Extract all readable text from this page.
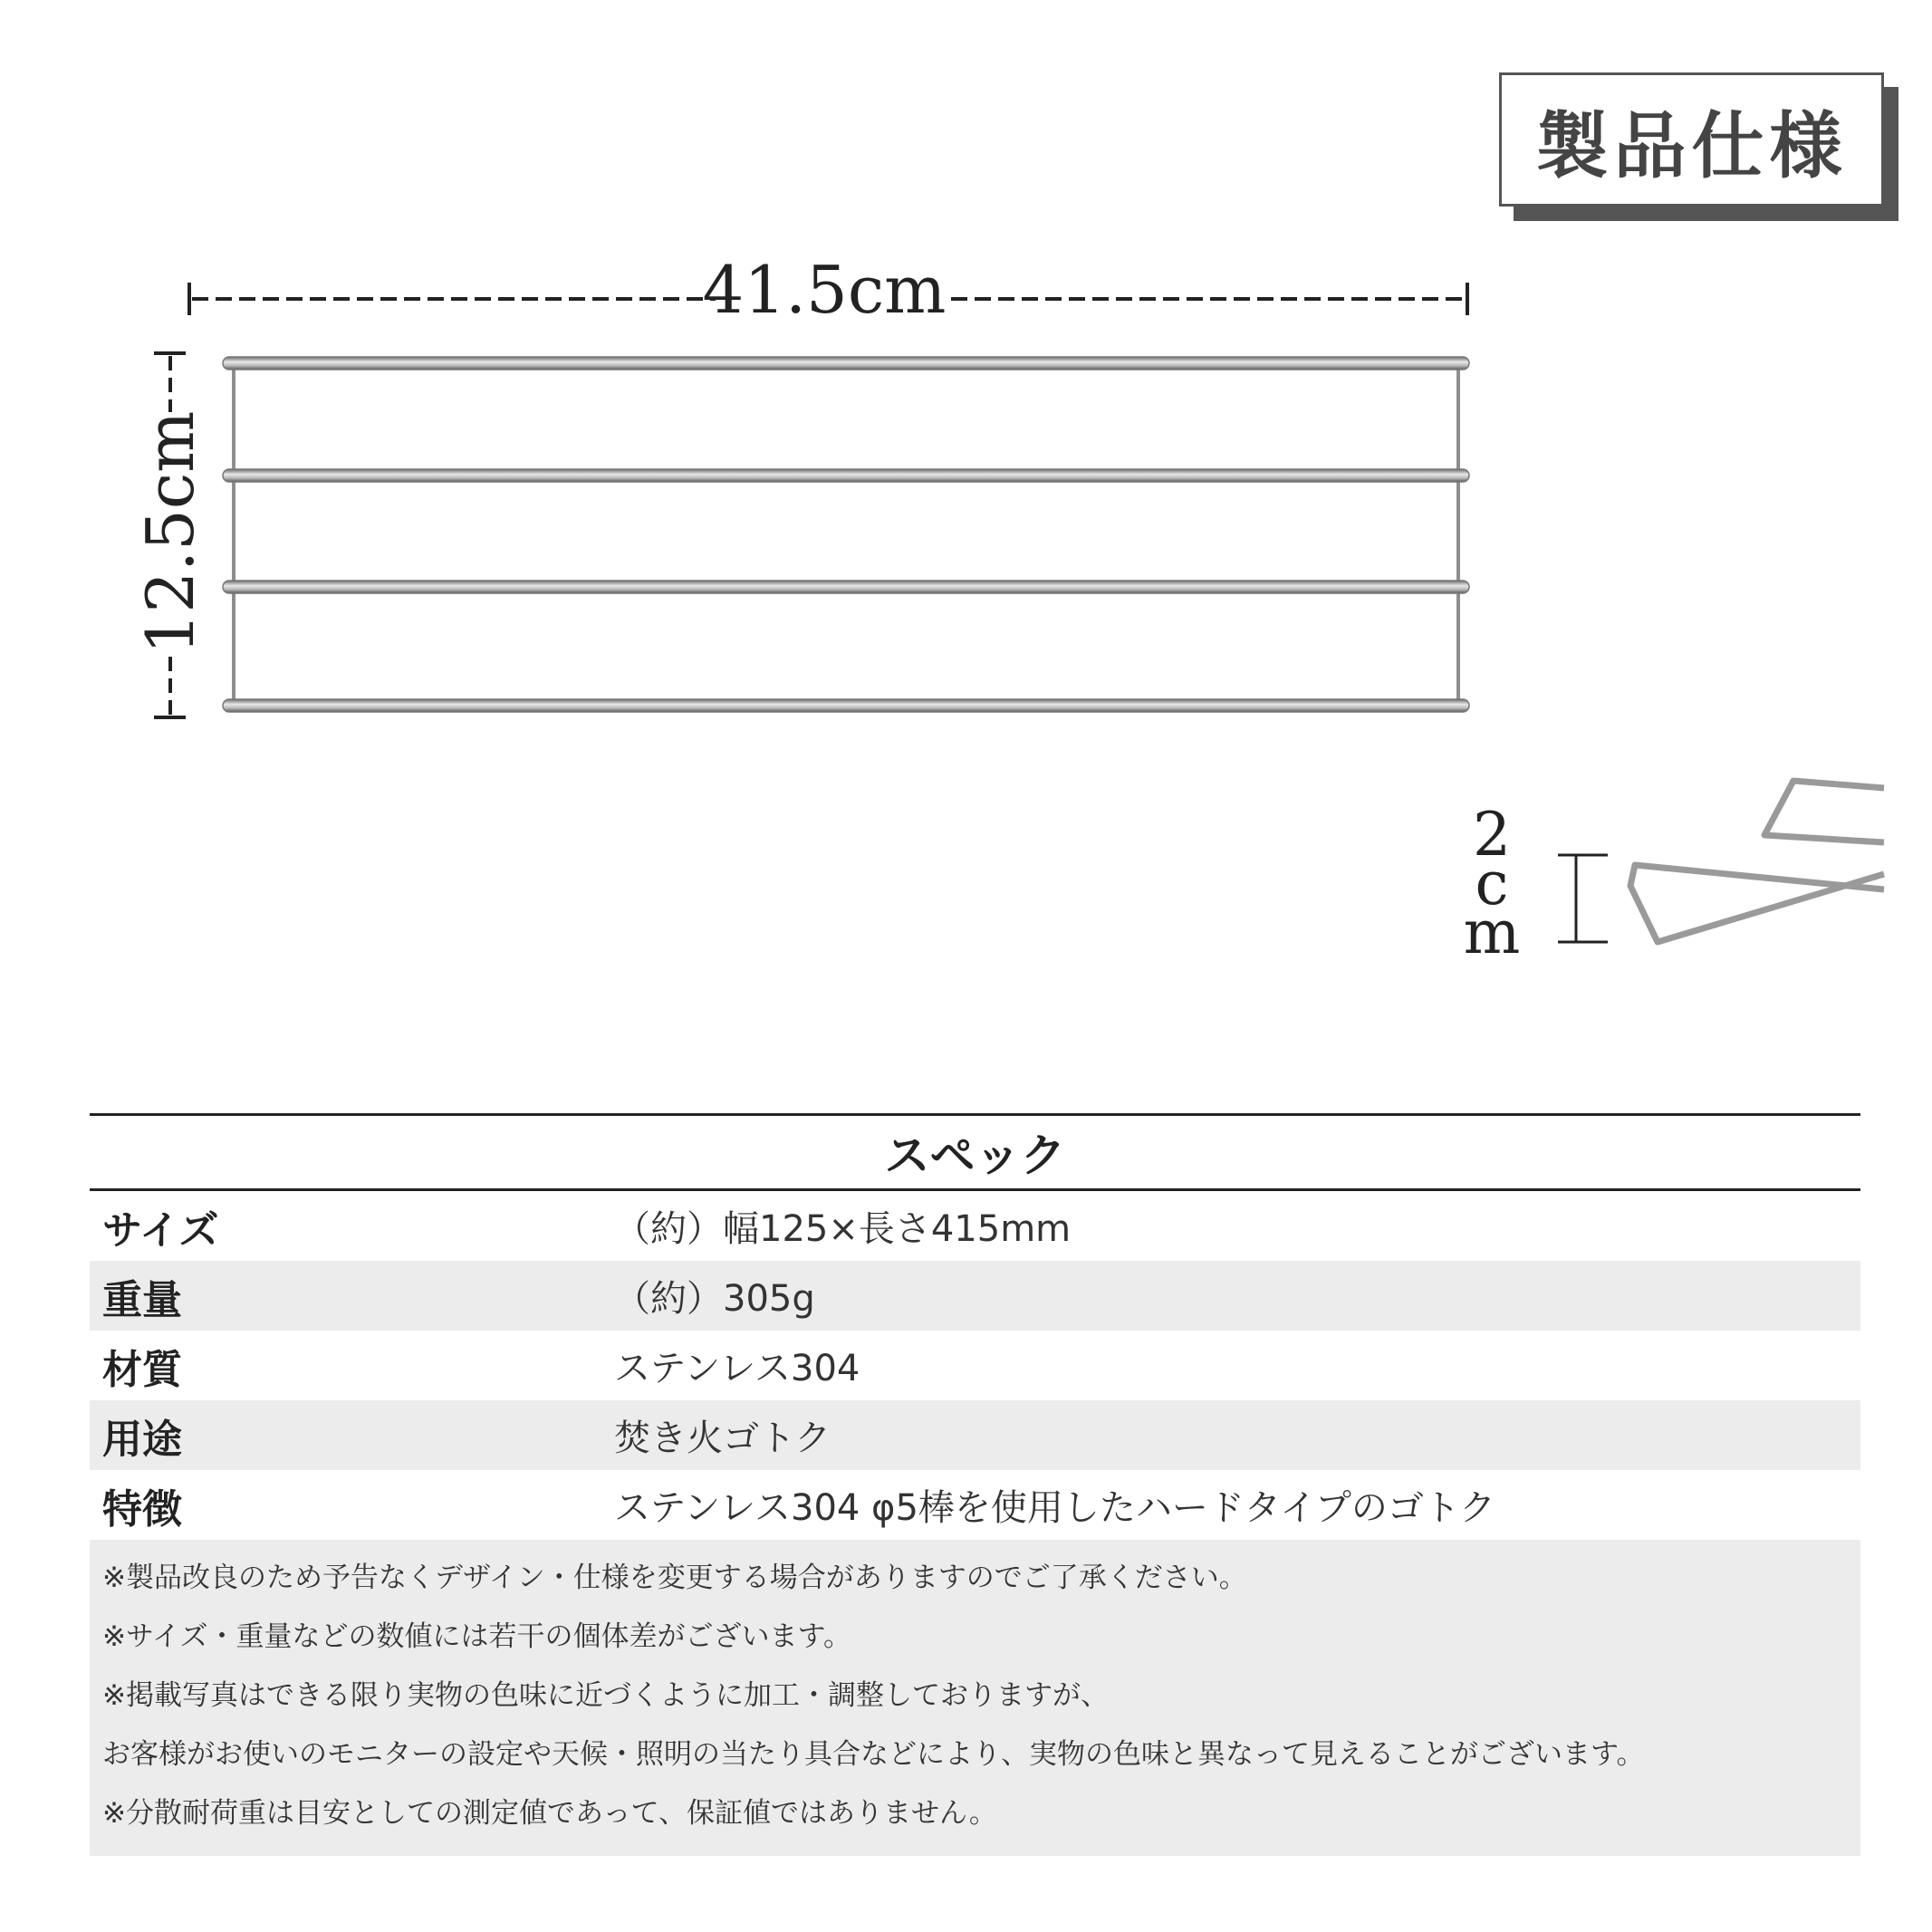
製品仕様
41.5cm
12.5cm
2
c
m
スペック
サイズ	（約）幅125×長さ415mm
重量	（約）305g
材質	ステンレス304
用途	焚き火ゴトク
特徴	ステンレス304 φ5棒を使用したハードタイプのゴトク
※製品改良のため予告なくデザイン・仕様を変更する場合がありますのでご了承ください。
※サイズ・重量などの数値には若干の個体差がございます。
※掲載写真はできる限り実物の色味に近づくように加工・調整しておりますが、
お客様がお使いのモニターの設定や天候・照明の当たり具合などにより、実物の色味と異なって見えることがございます。
※分散耐荷重は目安としての測定値であって、保証値ではありません。
